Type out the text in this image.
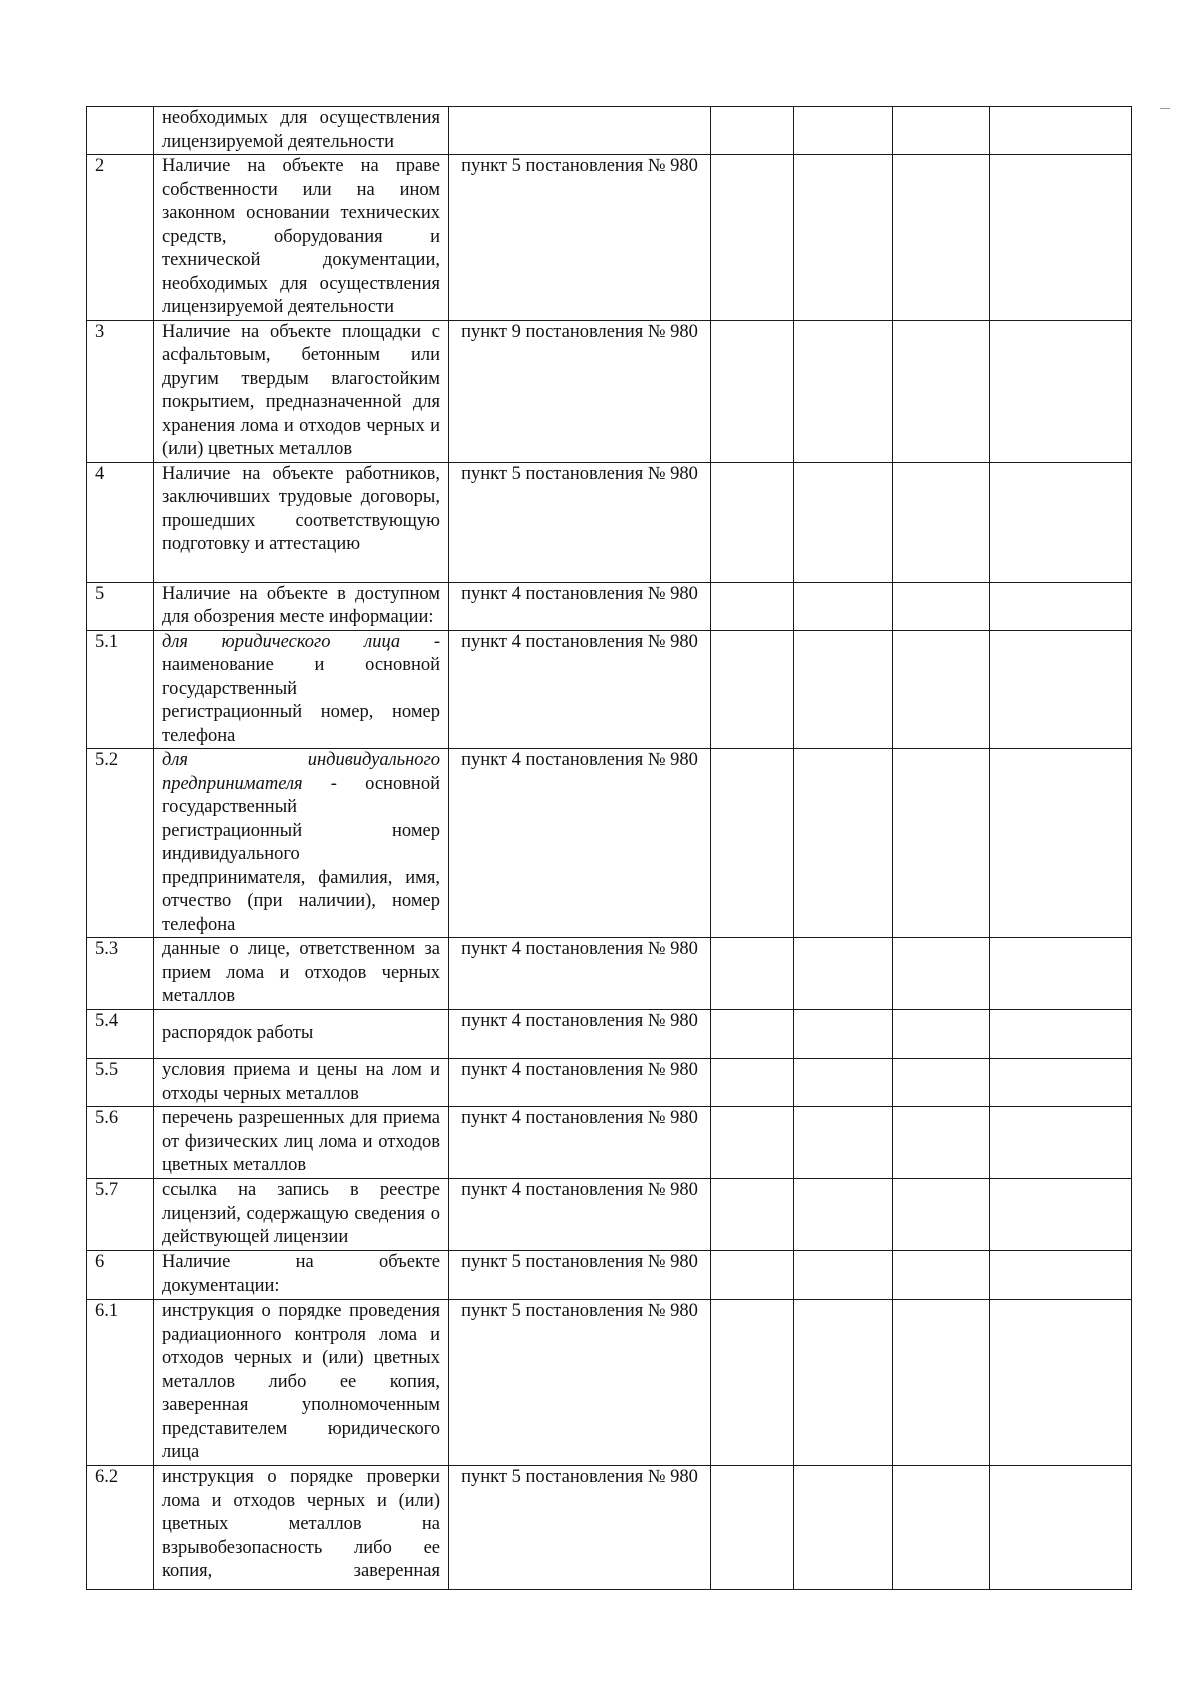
	необходимых для осуществления лицензируемой деятельности					
2	Наличие на объекте на праве собственности или на ином законном основании технических средств, оборудования и технической документации, необходимых для осуществления лицензируемой деятельности	пункт 5 постановления № 980				
3	Наличие на объекте площадки с асфальтовым, бетонным или другим твердым влагостойким покрытием, предназначенной для хранения лома и отходов черных и (или) цветных металлов	пункт 9 постановления № 980				
4	Наличие на объекте работников, заключивших трудовые договоры, прошедших соответствующую подготовку и аттестацию	пункт 5 постановления № 980				
5	Наличие на объекте в доступном для обозрения месте информации:	пункт 4 постановления № 980				
5.1	для юридического лица - наименование и основной государственный регистрационный номер, номер телефона	пункт 4 постановления № 980				
5.2	для индивидуального предпринимателя - основной государственный регистрационный номер индивидуального предпринимателя, фамилия, имя, отчество (при наличии), номер телефона	пункт 4 постановления № 980				
5.3	данные о лице, ответственном за прием лома и отходов черных металлов	пункт 4 постановления № 980				
5.4	распорядок работы	пункт 4 постановления № 980				
5.5	условия приема и цены на лом и отходы черных металлов	пункт 4 постановления № 980				
5.6	перечень разрешенных для приема от физических лиц лома и отходов цветных металлов	пункт 4 постановления № 980				
5.7	ссылка на запись в реестре лицензий, содержащую сведения о действующей лицензии	пункт 4 постановления № 980				
6	Наличие на объекте документации:	пункт 5 постановления № 980				
6.1	инструкция о порядке проведения радиационного контроля лома и отходов черных и (или) цветных металлов либо ее копия, заверенная уполномоченным представителем юридического лица	пункт 5 постановления № 980				
6.2	инструкция о порядке проверки лома и отходов черных и (или) цветных металлов на взрывобезопасность либо ее копия, заверенная	пункт 5 постановления № 980				
